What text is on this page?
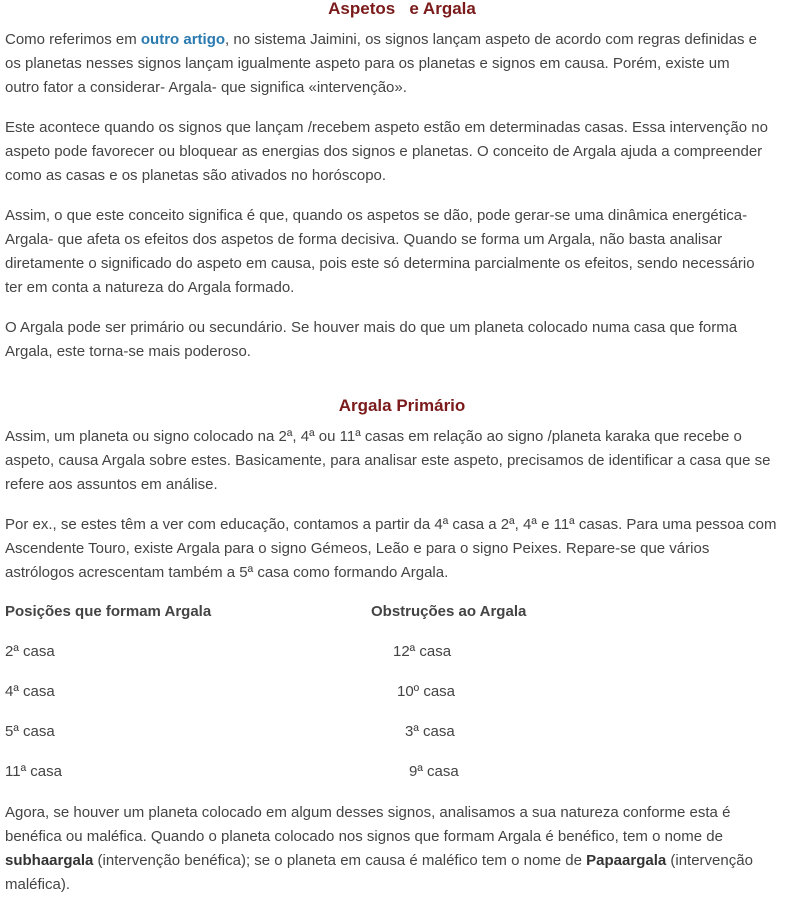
Aspetos   e Argala

Como referimos em outro artigo, no sistema Jaimini, os signos lançam aspeto de acordo com regras definidas e
os planetas nesses signos lançam igualmente aspeto para os planetas e signos em causa. Porém, existe um
outro fator a considerar- Argala- que significa «intervenção».

Este acontece quando os signos que lançam /recebem aspeto estão em determinadas casas. Essa intervenção no
aspeto pode favorecer ou bloquear as energias dos signos e planetas. O conceito de Argala ajuda a compreender
como as casas e os planetas são ativados no horóscopo.

Assim, o que este conceito significa é que, quando os aspetos se dão, pode gerar-se uma dinâmica energética-
Argala- que afeta os efeitos dos aspetos de forma decisiva. Quando se forma um Argala, não basta analisar
diretamente o significado do aspeto em causa, pois este só determina parcialmente os efeitos, sendo necessário
ter em conta a natureza do Argala formado.

O Argala pode ser primário ou secundário. Se houver mais do que um planeta colocado numa casa que forma
Argala, este torna-se mais poderoso.

Argala Primário

Assim, um planeta ou signo colocado na 2ª, 4ª ou 11ª casas em relação ao signo /planeta karaka que recebe o
aspeto, causa Argala sobre estes. Basicamente, para analisar este aspeto, precisamos de identificar a casa que se
refere aos assuntos em análise.

Por ex., se estes têm a ver com educação, contamos a partir da 4ª casa a 2ª, 4ª e 11ª casas. Para uma pessoa com
Ascendente Touro, existe Argala para o signo Gémeos, Leão e para o signo Peixes. Repare-se que vários
astrólogos acrescentam também a 5ª casa como formando Argala.

Posições que formam Argala	Obstruções ao Argala
2ª casa	12ª casa
4ª casa	10º casa
5ª casa	3ª casa
11ª casa	9ª casa

Agora, se houver um planeta colocado em algum desses signos, analisamos a sua natureza conforme esta é
benéfica ou maléfica. Quando o planeta colocado nos signos que formam Argala é benéfico, tem o nome de
subhaargala (intervenção benéfica); se o planeta em causa é maléfico tem o nome de Papaargala (intervenção
maléfica).
